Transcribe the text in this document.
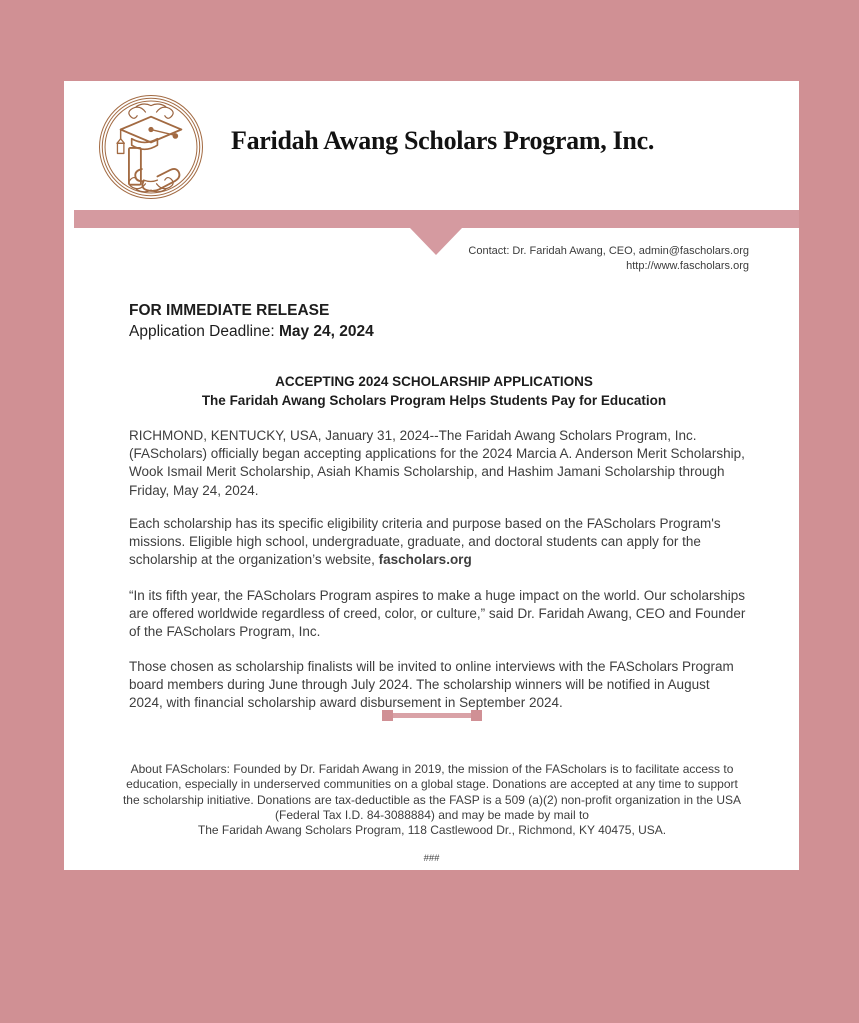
Faridah Awang Scholars Program, Inc.
Contact: Dr. Faridah Awang, CEO, admin@fascholars.org
http://www.fascholars.org
FOR IMMEDIATE RELEASE
Application Deadline: May 24, 2024
ACCEPTING 2024 SCHOLARSHIP APPLICATIONS
The Faridah Awang Scholars Program Helps Students Pay for Education

RICHMOND, KENTUCKY, USA, January 31, 2024--The Faridah Awang Scholars Program, Inc. (FAScholars) officially began accepting applications for the 2024 Marcia A. Anderson Merit Scholarship, Wook Ismail Merit Scholarship, Asiah Khamis Scholarship, and Hashim Jamani Scholarship through Friday, May 24, 2024.

Each scholarship has its specific eligibility criteria and purpose based on the FAScholars Program's missions. Eligible high school, undergraduate, graduate, and doctoral students can apply for the scholarship at the organization’s website, fascholars.org

“In its fifth year, the FAScholars Program aspires to make a huge impact on the world. Our scholarships are offered worldwide regardless of creed, color, or culture,” said Dr. Faridah Awang, CEO and Founder of the FAScholars Program, Inc.

Those chosen as scholarship finalists will be invited to online interviews with the FAScholars Program board members during June through July 2024. The scholarship winners will be notified in August 2024, with financial scholarship award disbursement in September 2024.

About FAScholars: Founded by Dr. Faridah Awang in 2019, the mission of the FAScholars is to facilitate access to education, especially in underserved communities on a global stage. Donations are accepted at any time to support the scholarship initiative. Donations are tax-deductible as the FASP is a 509 (a)(2) non-profit organization in the USA (Federal Tax I.D. 84-3088884) and may be made by mail to
The Faridah Awang Scholars Program, 118 Castlewood Dr., Richmond, KY 40475, USA.
###
